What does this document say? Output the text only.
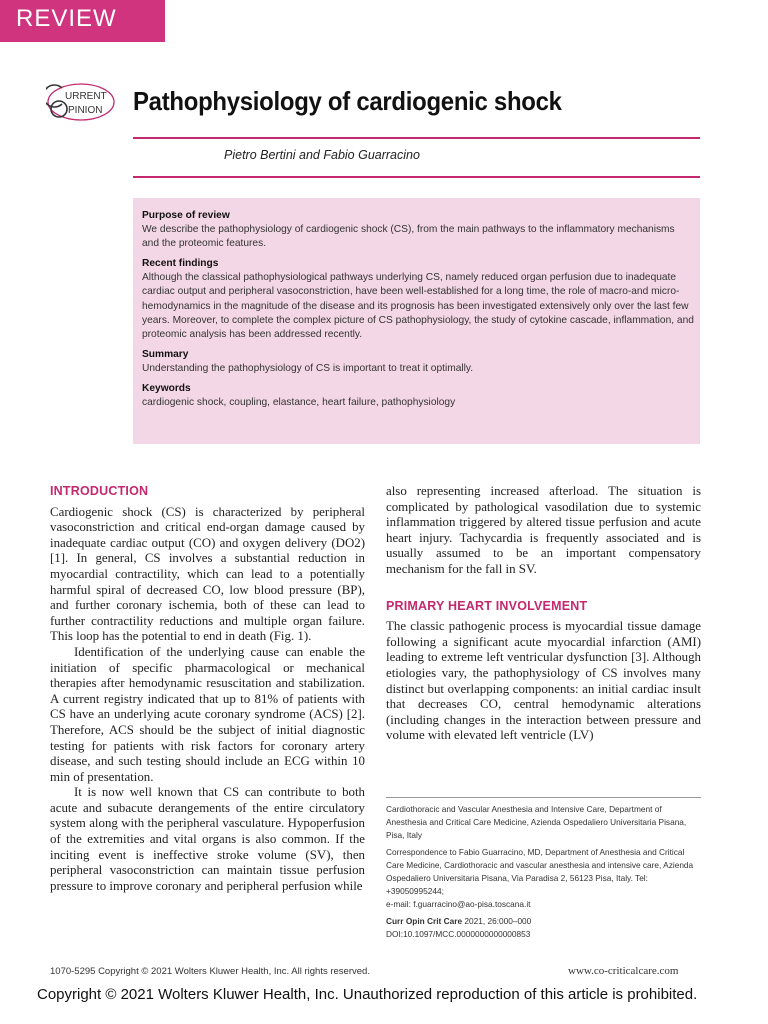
REVIEW
URRENT
PINION Pathophysiology of cardiogenic shock
Pietro Bertini and Fabio Guarracino

Purpose of review
We describe the pathophysiology of cardiogenic shock (CS), from the main pathways to the inflammatory mechanisms and the proteomic features.

Recent findings
Although the classical pathophysiological pathways underlying CS, namely reduced organ perfusion due to inadequate cardiac output and peripheral vasoconstriction, have been well-established for a long time, the role of macro-and micro-hemodynamics in the magnitude of the disease and its prognosis has been investigated extensively only over the last few years. Moreover, to complete the complex picture of CS pathophysiology, the study of cytokine cascade, inflammation, and proteomic analysis has been addressed recently.

Summary
Understanding the pathophysiology of CS is important to treat it optimally.

Keywords
cardiogenic shock, coupling, elastance, heart failure, pathophysiology

INTRODUCTION

Cardiogenic shock (CS) is characterized by peripheral vasoconstriction and critical end-organ damage caused by inadequate cardiac output (CO) and oxygen delivery (DO2) [1]. In general, CS involves a substantial reduction in myocardial contractility, which can lead to a potentially harmful spiral of decreased CO, low blood pressure (BP), and further coronary ischemia, both of these can lead to further contractility reductions and multiple organ failure. This loop has the potential to end in death (Fig. 1).

Identification of the underlying cause can enable the initiation of specific pharmacological or mechanical therapies after hemodynamic resuscitation and stabilization. A current registry indicated that up to 81% of patients with CS have an underlying acute coronary syndrome (ACS) [2]. Therefore, ACS should be the subject of initial diagnostic testing for patients with risk factors for coronary artery disease, and such testing should include an ECG within 10 min of presentation.

It is now well known that CS can contribute to both acute and subacute derangements of the entire circulatory system along with the peripheral vasculature. Hypoperfusion of the extremities and vital organs is also common. If the inciting event is ineffective stroke volume (SV), then peripheral vasoconstriction can maintain tissue perfusion pressure to improve coronary and peripheral perfusion while

also representing increased afterload. The situation is complicated by pathological vasodilation due to systemic inflammation triggered by altered tissue perfusion and acute heart injury. Tachycardia is frequently associated and is usually assumed to be an important compensatory mechanism for the fall in SV.

PRIMARY HEART INVOLVEMENT

The classic pathogenic process is myocardial tissue damage following a significant acute myocardial infarction (AMI) leading to extreme left ventricular dysfunction [3]. Although etiologies vary, the pathophysiology of CS involves many distinct but overlapping components: an initial cardiac insult that decreases CO, central hemodynamic alterations (including changes in the interaction between pressure and volume with elevated left ventricle (LV)

Cardiothoracic and Vascular Anesthesia and Intensive Care, Department of Anesthesia and Critical Care Medicine, Azienda Ospedaliero Universitaria Pisana, Pisa, Italy

Correspondence to Fabio Guarracino, MD, Department of Anesthesia and Critical Care Medicine, Cardiothoracic and vascular anesthesia and intensive care, Azienda Ospedaliero Universitaria Pisana, Via Paradisa 2, 56123 Pisa, Italy. Tel: +39050995244;

e-mail: f.guarracino@ao-pisa.toscana.it

Curr Opin Crit Care 2021, 26:000–000

DOI:10.1097/MCC.0000000000000853

1070-5295 Copyright © 2021 Wolters Kluwer Health, Inc. All rights reserved.	www.co-criticalcare.com
Copyright © 2021 Wolters Kluwer Health, Inc. Unauthorized reproduction of this article is prohibited.
